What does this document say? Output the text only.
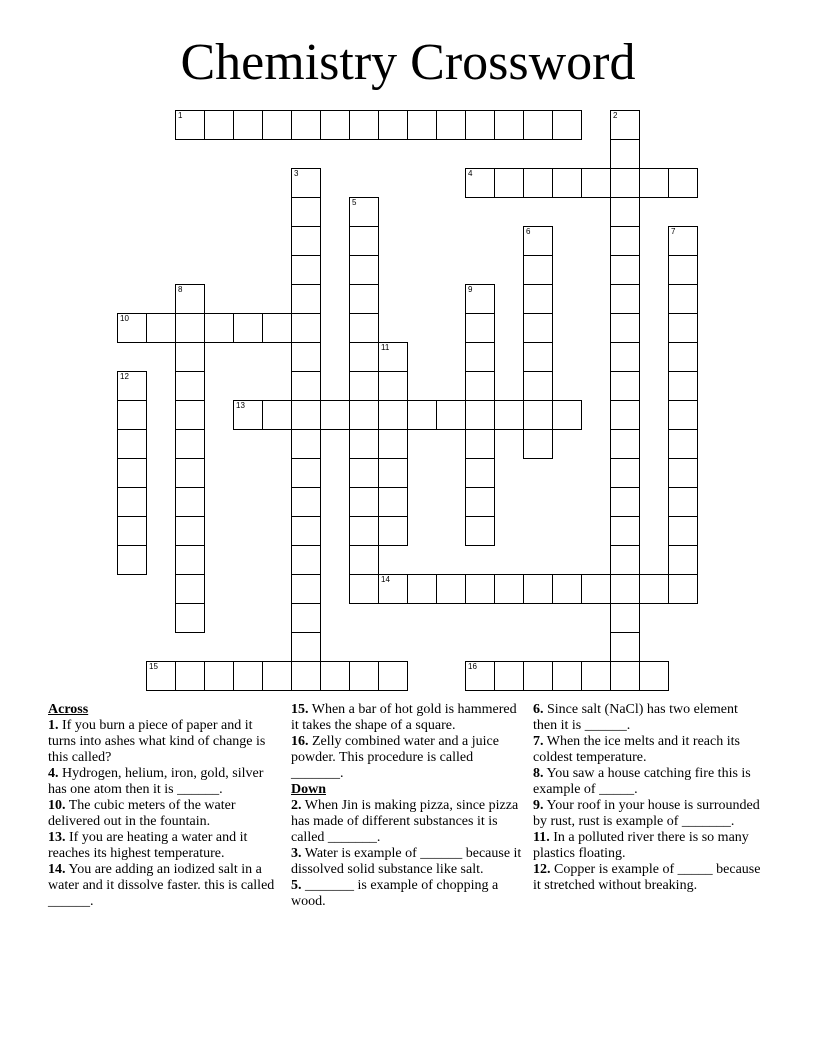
Chemistry Crossword
1	2
3	4
5
6	7
8	9
10
11
12
13
14
15	16
Across
1. If you burn a piece of paper and it turns into ashes what kind of change is this called?
4. Hydrogen, helium, iron, gold, silver has one atom then it is ______.
10. The cubic meters of the water delivered out in the fountain.
13. If you are heating a water and it reaches its highest temperature.
14. You are adding an iodized salt in a water and it dissolve faster. this is called ______.
15. When a bar of hot gold is hammered it takes the shape of a square.
16. Zelly combined water and a juice powder. This procedure is called _______.
Down
2. When Jin is making pizza, since pizza has made of different substances it is called _______.
3. Water is example of ______ because it dissolved solid substance like salt.
5. _______ is example of chopping a wood.
6. Since salt (NaCl) has two element then it is ______.
7. When the ice melts and it reach its coldest temperature.
8. You saw a house catching fire this is example of _____.
9. Your roof in your house is surrounded by rust, rust is example of _______.
11. In a polluted river there is so many plastics floating.
12. Copper is example of _____ because it stretched without breaking.
